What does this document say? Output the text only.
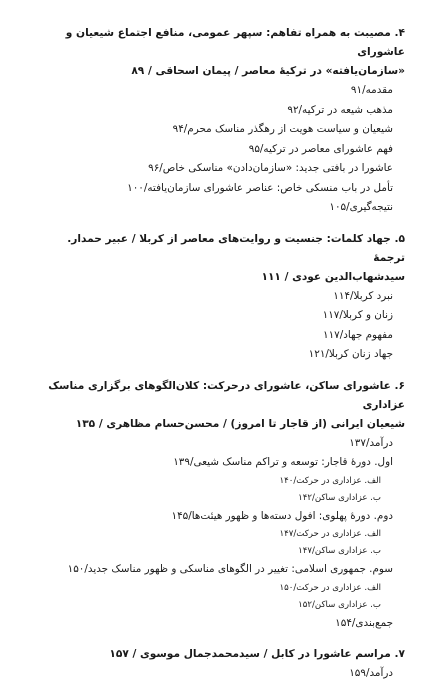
۴. مصیبت به همراه تفاهم: سپهر عمومی، منافع اجتماع شیعیان و عاشورای
«سازمان‌یافته» در ترکیهٔ معاصر / پیمان اسحاقی / ۸۹
مقدمه/۹۱
مذهب شیعه در ترکیه/۹۲
شیعیان و سیاست هویت از رهگذر مناسک محرم/۹۴
فهم عاشورای معاصر در ترکیه/۹۵
عاشورا در بافتی جدید: «سازمان‌دادن» مناسکی خاص/۹۶
تأمل در باب منسکی خاص: عناصر عاشورای سازمان‌یافته/۱۰۰
نتیجه‌گیری/۱۰۵
۵. جهاد کلمات: جنسیت و روایت‌های معاصر از کربلا / عبیر حمدار. ترجمهٔ
سیدشهاب‌الدین عودی / ۱۱۱
نبرد کربلا/۱۱۴
زنان و کربلا/۱۱۷
مفهوم جهاد/۱۱۷
جهاد زنان کربلا/۱۲۱
۶. عاشورای ساکن، عاشورای درحرکت: کلان‌الگوهای برگزاری مناسک عزاداری
شیعیان ایرانی (از قاجار تا امروز) / محسن‌حسام مظاهری / ۱۳۵
درآمد/۱۳۷
اول. دورهٔ قاجار: توسعه و تراکم مناسک شیعی/۱۳۹
الف. عزاداری در حرکت/۱۴۰
ب. عزاداری ساکن/۱۴۲
دوم. دورهٔ پهلوی: افول دسته‌ها و ظهور هیئت‌ها/۱۴۵
الف. عزاداری در حرکت/۱۴۷
ب. عزاداری ساکن/۱۴۷
سوم. جمهوری اسلامی: تغییر در الگوهای مناسکی و ظهور مناسک جدید/۱۵۰
الف. عزاداری در حرکت/۱۵۰
ب. عزاداری ساکن/۱۵۲
جمع‌بندی/۱۵۴
۷. مراسم عاشورا در کابل / سیدمحمدجمال موسوی / ۱۵۷
درآمد/۱۵۹
